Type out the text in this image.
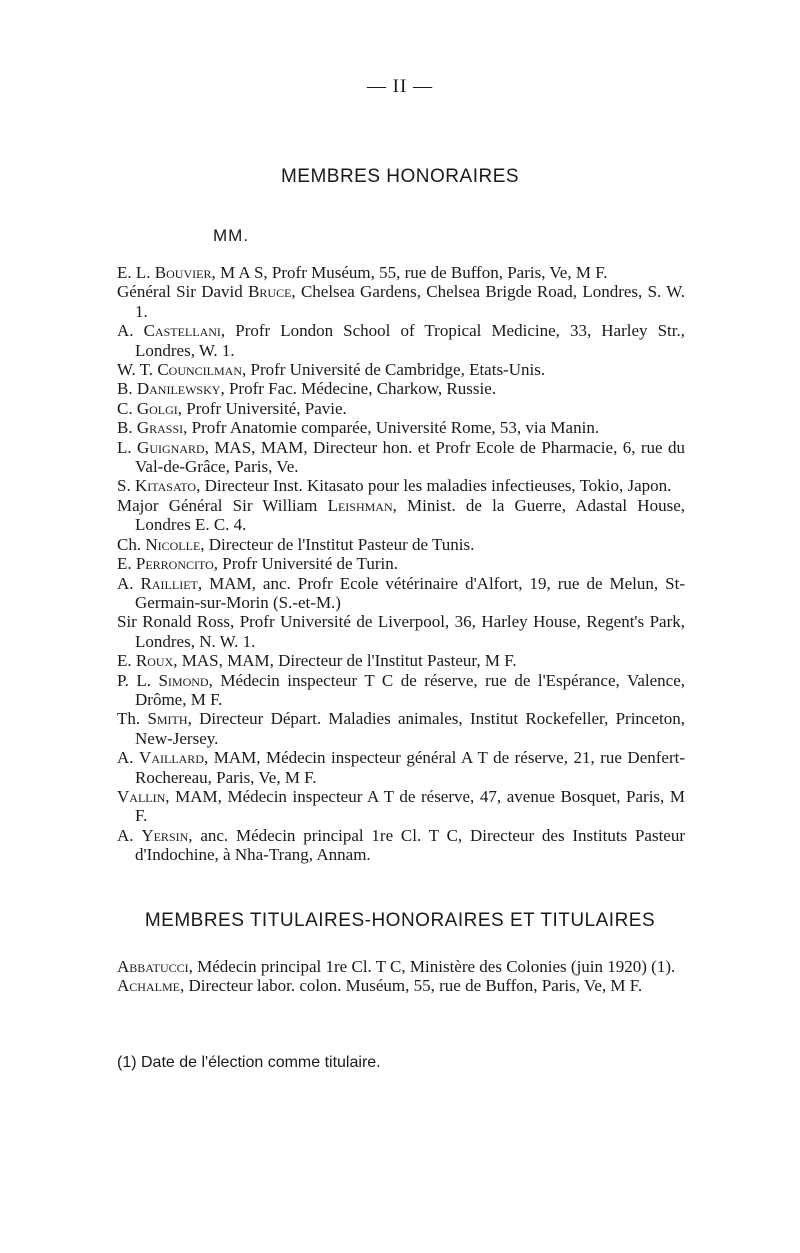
— II —
MEMBRES HONORAIRES
MM.
E. L. Bouvier, M A S, Profr Muséum, 55, rue de Buffon, Paris, Ve, M F.
Général Sir David Bruce, Chelsea Gardens, Chelsea Brigde Road, Londres, S. W. 1.
A. Castellani, Profr London School of Tropical Medicine, 33, Harley Str., Londres, W. 1.
W. T. Councilman, Profr Université de Cambridge, Etats-Unis.
B. Danilewsky, Profr Fac. Médecine, Charkow, Russie.
C. Golgi, Profr Université, Pavie.
B. Grassi, Profr Anatomie comparée, Université Rome, 53, via Manin.
L. Guignard, MAS, MAM, Directeur hon. et Profr Ecole de Pharmacie, 6, rue du Val-de-Grâce, Paris, Ve.
S. Kitasato, Directeur Inst. Kitasato pour les maladies infectieuses, Tokio, Japon.
Major Général Sir William Leishman, Minist. de la Guerre, Adastal House, Londres E. C. 4.
Ch. Nicolle, Directeur de l'Institut Pasteur de Tunis.
E. Perroncito, Profr Université de Turin.
A. Railliet, MAM, anc. Profr Ecole vétérinaire d'Alfort, 19, rue de Melun, St-Germain-sur-Morin (S.-et-M.)
Sir Ronald Ross, Profr Université de Liverpool, 36, Harley House, Regent's Park, Londres, N. W. 1.
E. Roux, MAS, MAM, Directeur de l'Institut Pasteur, M F.
P. L. Simond, Médecin inspecteur T C de réserve, rue de l'Espérance, Valence, Drôme, M F.
Th. Smith, Directeur Départ. Maladies animales, Institut Rockefeller, Princeton, New-Jersey.
A. Vaillard, MAM, Médecin inspecteur général A T de réserve, 21, rue Denfert-Rochereau, Paris, Ve, M F.
Vallin, MAM, Médecin inspecteur A T de réserve, 47, avenue Bosquet, Paris, M F.
A. Yersin, anc. Médecin principal 1re Cl. T C, Directeur des Instituts Pasteur d'Indochine, à Nha-Trang, Annam.
MEMBRES TITULAIRES-HONORAIRES ET TITULAIRES
Abbatucci, Médecin principal 1re Cl. T C, Ministère des Colonies (juin 1920) (1).
Achalme, Directeur labor. colon. Muséum, 55, rue de Buffon, Paris, Ve, M F.
(1) Date de l'élection comme titulaire.
